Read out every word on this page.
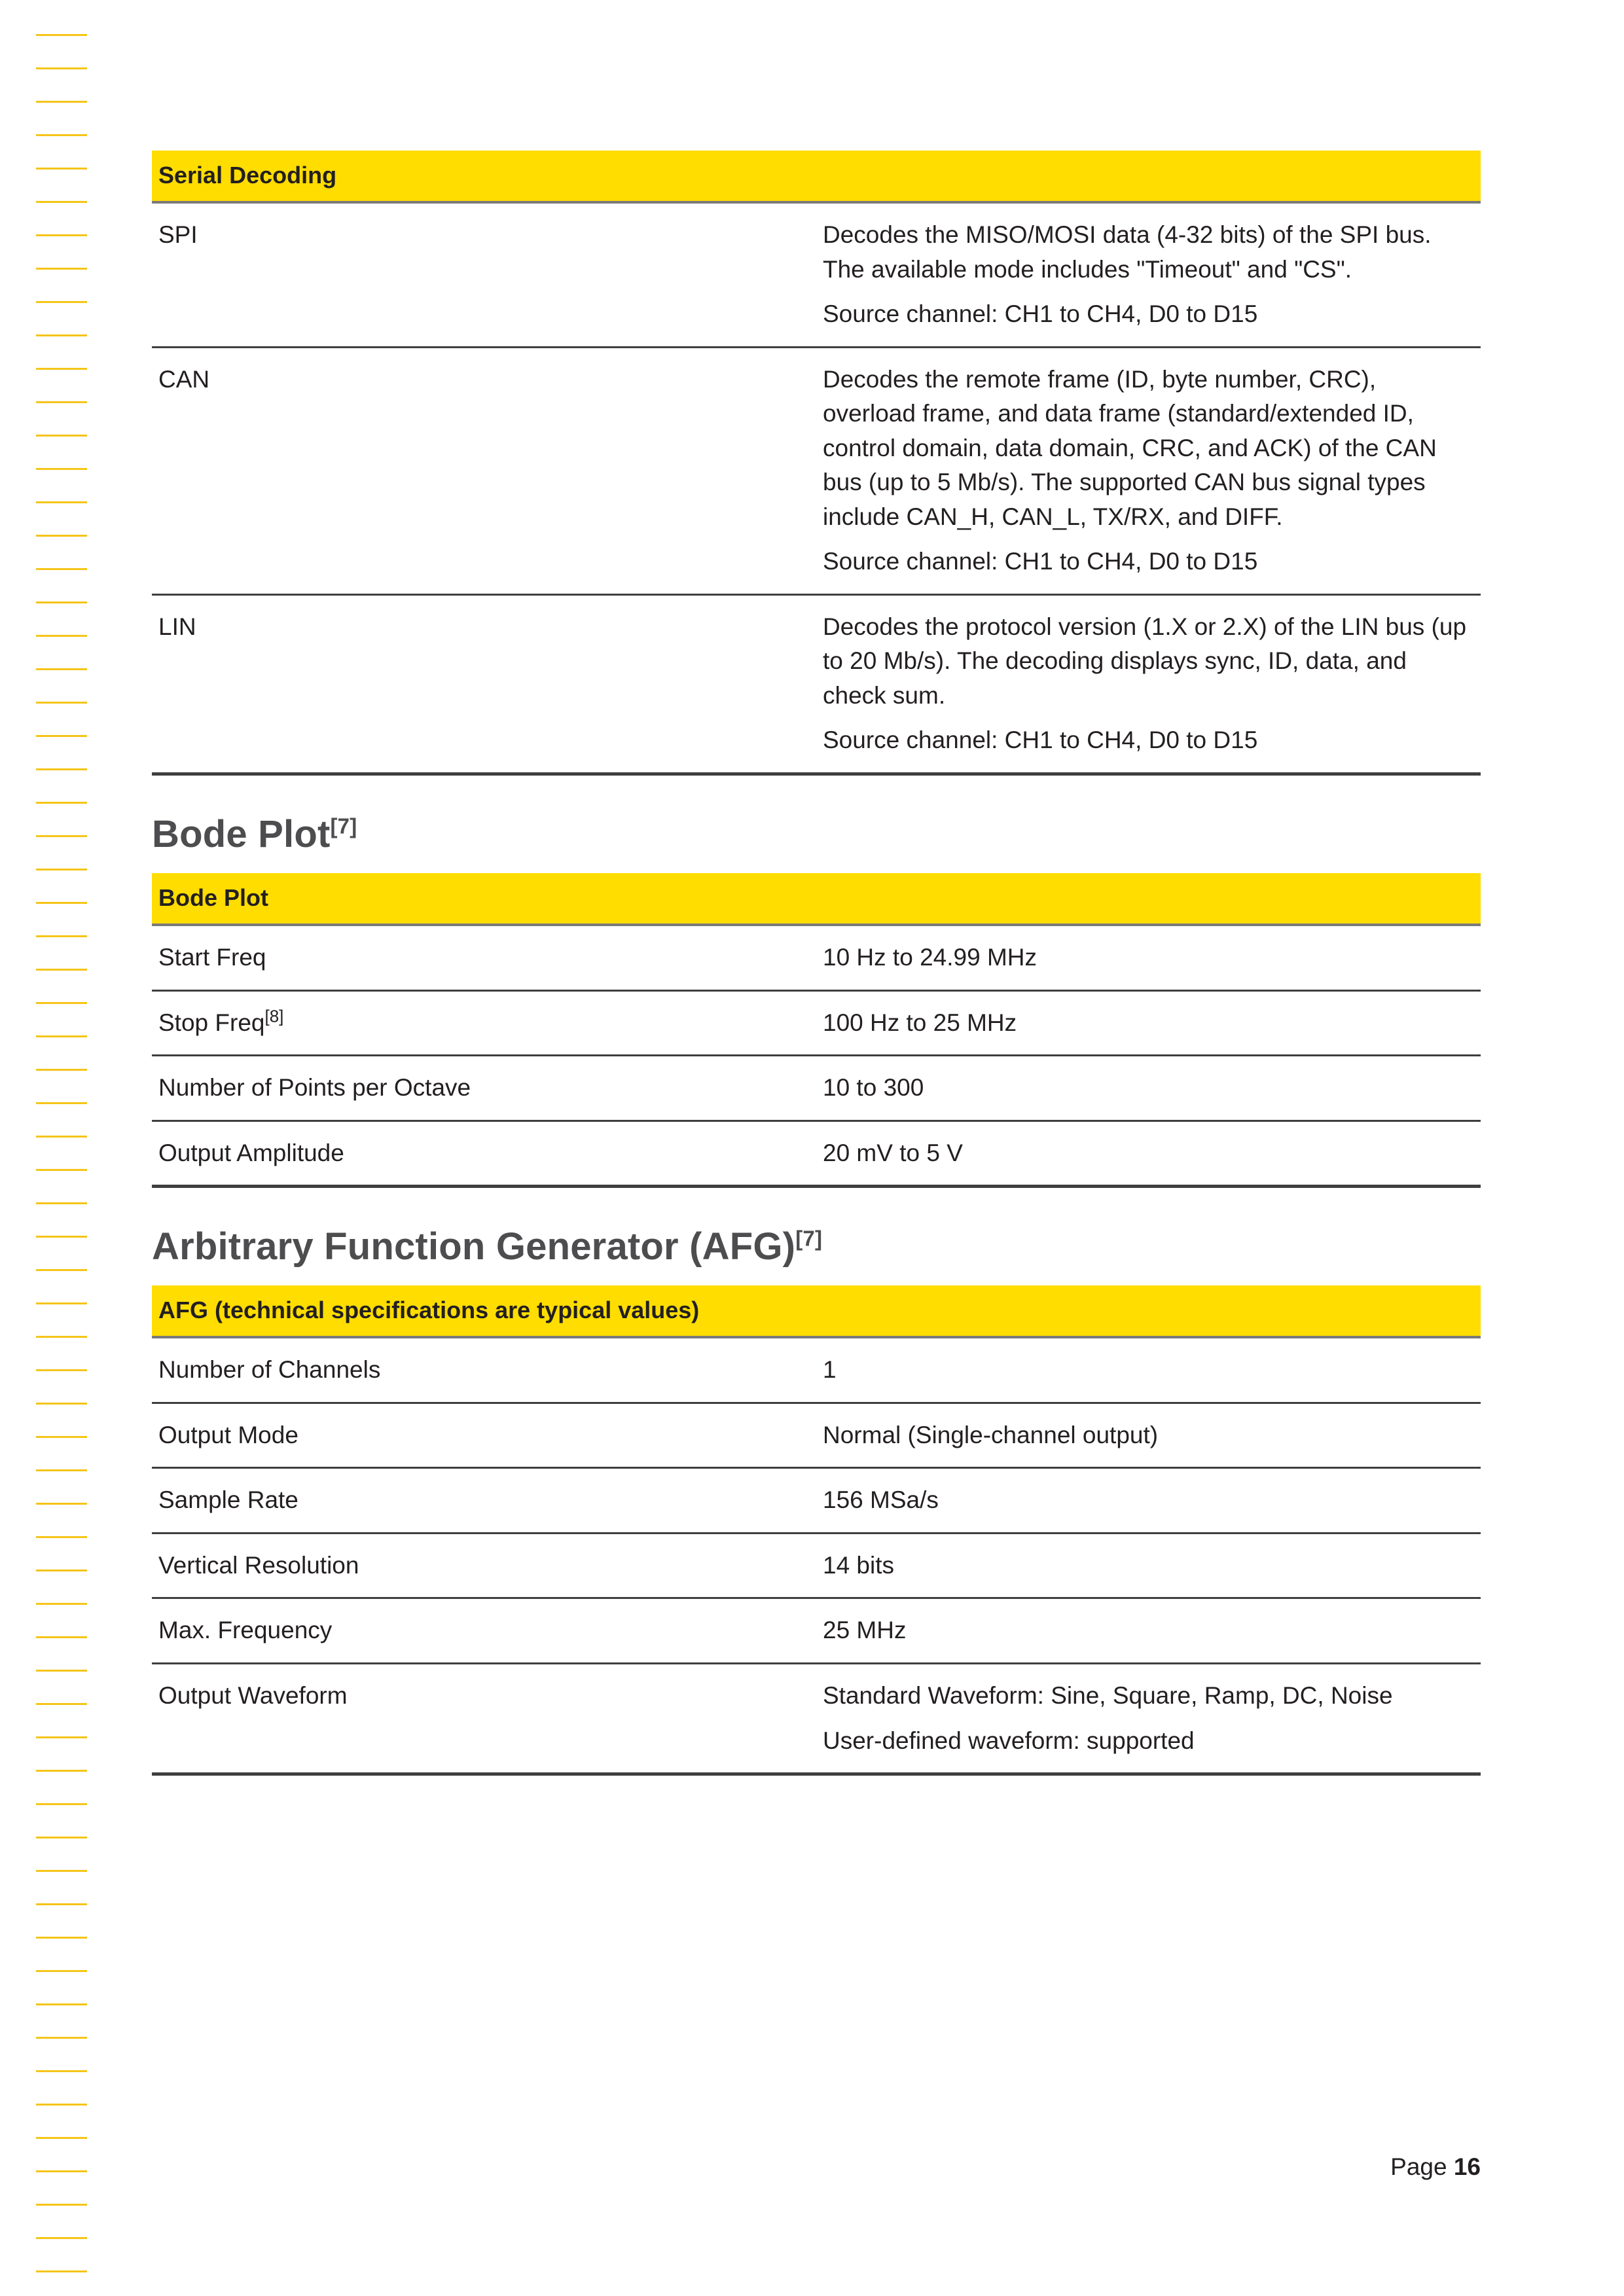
Serial Decoding	
SPI	Decodes the MISO/MOSI data (4-32 bits) of the SPI bus. The available mode includes "Timeout" and "CS".

Source channel: CH1 to CH4, D0 to D15

CAN	Decodes the remote frame (ID, byte number, CRC), overload frame, and data frame (standard/extended ID, control domain, data domain, CRC, and ACK) of the CAN bus (up to 5 Mb/s). The supported CAN bus signal types include CAN_H, CAN_L, TX/RX, and DIFF.

Source channel: CH1 to CH4, D0 to D15

LIN	Decodes the protocol version (1.X or 2.X) of the LIN bus (up to 20 Mb/s). The decoding displays sync, ID, data, and check sum.

Source channel: CH1 to CH4, D0 to D15

Bode Plot[7]
Bode Plot	
Start Freq	10 Hz to 24.99 MHz
Stop Freq[8]	100 Hz to 25 MHz
Number of Points per Octave	10 to 300
Output Amplitude	20 mV to 5 V
Arbitrary Function Generator (AFG)[7]
AFG (technical specifications are typical values)	
Number of Channels	1
Output Mode	Normal (Single-channel output)
Sample Rate	156 MSa/s
Vertical Resolution	14 bits
Max. Frequency	25 MHz
Output Waveform	Standard Waveform: Sine, Square, Ramp, DC, Noise

User-defined waveform: supported

Page 16
